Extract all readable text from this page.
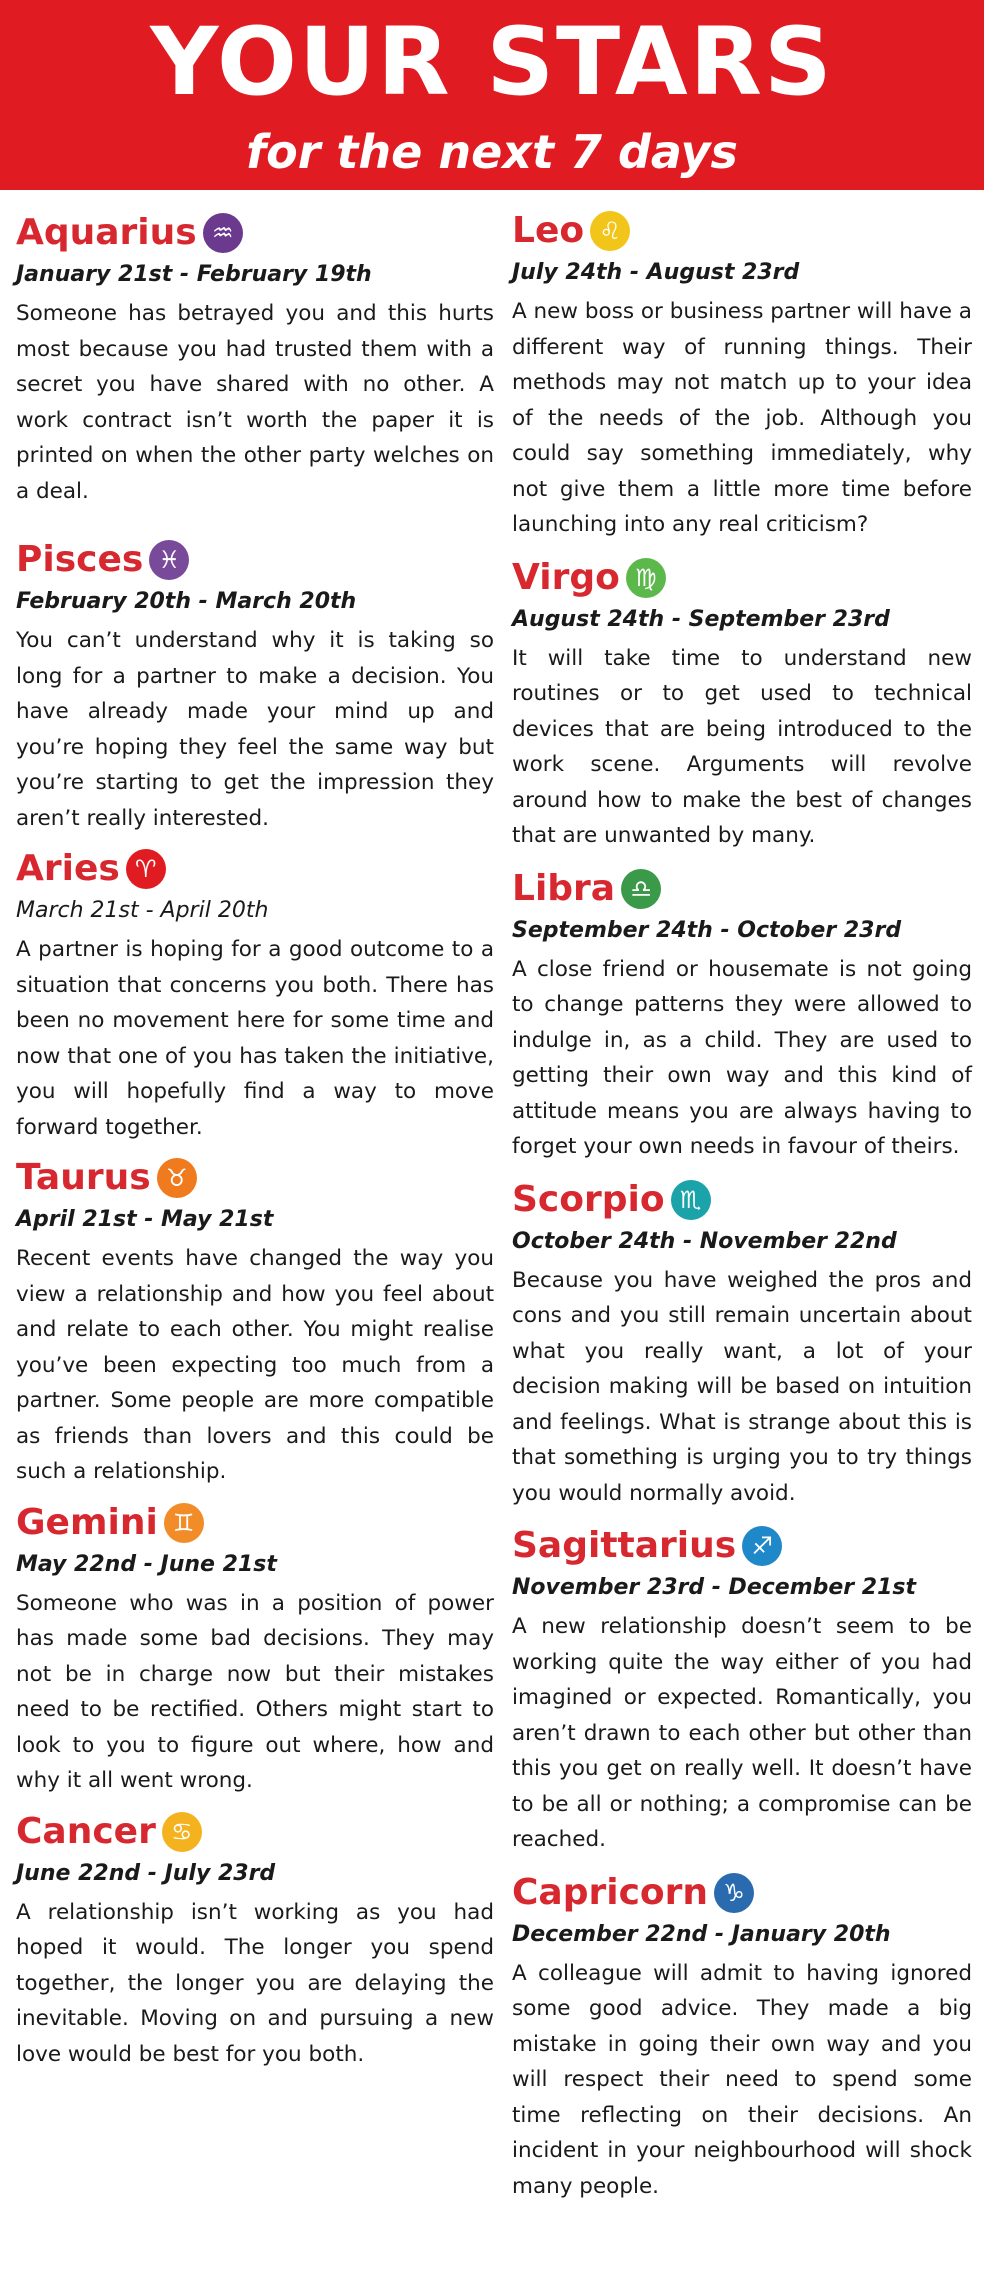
YOUR STARS
for the next 7 days
Aquarius ♒
January 21st - February 19th
Someone has betrayed you and this hurts most because you had trusted them with a secret you have shared with no other. A work contract isn’t worth the paper it is printed on when the other party welches on a deal.
Pisces ♓
February 20th - March 20th
You can’t understand why it is taking so long for a partner to make a decision. You have already made your mind up and you’re hoping they feel the same way but you’re starting to get the impression they aren’t really interested.
Aries ♈
March 21st - April 20th
A partner is hoping for a good outcome to a situation that concerns you both. There has been no movement here for some time and now that one of you has taken the initiative, you will hopefully find a way to move forward together.
Taurus ♉
April 21st - May 21st
Recent events have changed the way you view a relationship and how you feel about and relate to each other. You might realise you’ve been expecting too much from a partner. Some people are more compatible as friends than lovers and this could be such a relationship.
Gemini ♊
May 22nd - June 21st
Someone who was in a position of power has made some bad decisions. They may not be in charge now but their mistakes need to be rectified. Others might start to look to you to figure out where, how and why it all went wrong.
Cancer ♋
June 22nd - July 23rd
A relationship isn’t working as you had hoped it would. The longer you spend together, the longer you are delaying the inevitable. Moving on and pursuing a new love would be best for you both.
Leo ♌
July 24th - August 23rd
A new boss or business partner will have a different way of running things. Their methods may not match up to your idea of the needs of the job. Although you could say something immediately, why not give them a little more time before launching into any real criticism?
Virgo ♍
August 24th - September 23rd
It will take time to understand new routines or to get used to technical devices that are being introduced to the work scene. Arguments will revolve around how to make the best of changes that are unwanted by many.
Libra ♎
September 24th - October 23rd
A close friend or housemate is not going to change patterns they were allowed to indulge in, as a child. They are used to getting their own way and this kind of attitude means you are always having to forget your own needs in favour of theirs.
Scorpio ♏
October 24th - November 22nd
Because you have weighed the pros and cons and you still remain uncertain about what you really want, a lot of your decision making will be based on intuition and feelings. What is strange about this is that something is urging you to try things you would normally avoid.
Sagittarius ♐
November 23rd - December 21st
A new relationship doesn’t seem to be working quite the way either of you had imagined or expected. Romantically, you aren’t drawn to each other but other than this you get on really well. It doesn’t have to be all or nothing; a compromise can be reached.
Capricorn ♑
December 22nd - January 20th
A colleague will admit to having ignored some good advice. They made a big mistake in going their own way and you will respect their need to spend some time reflecting on their decisions. An incident in your neighbourhood will shock many people.
